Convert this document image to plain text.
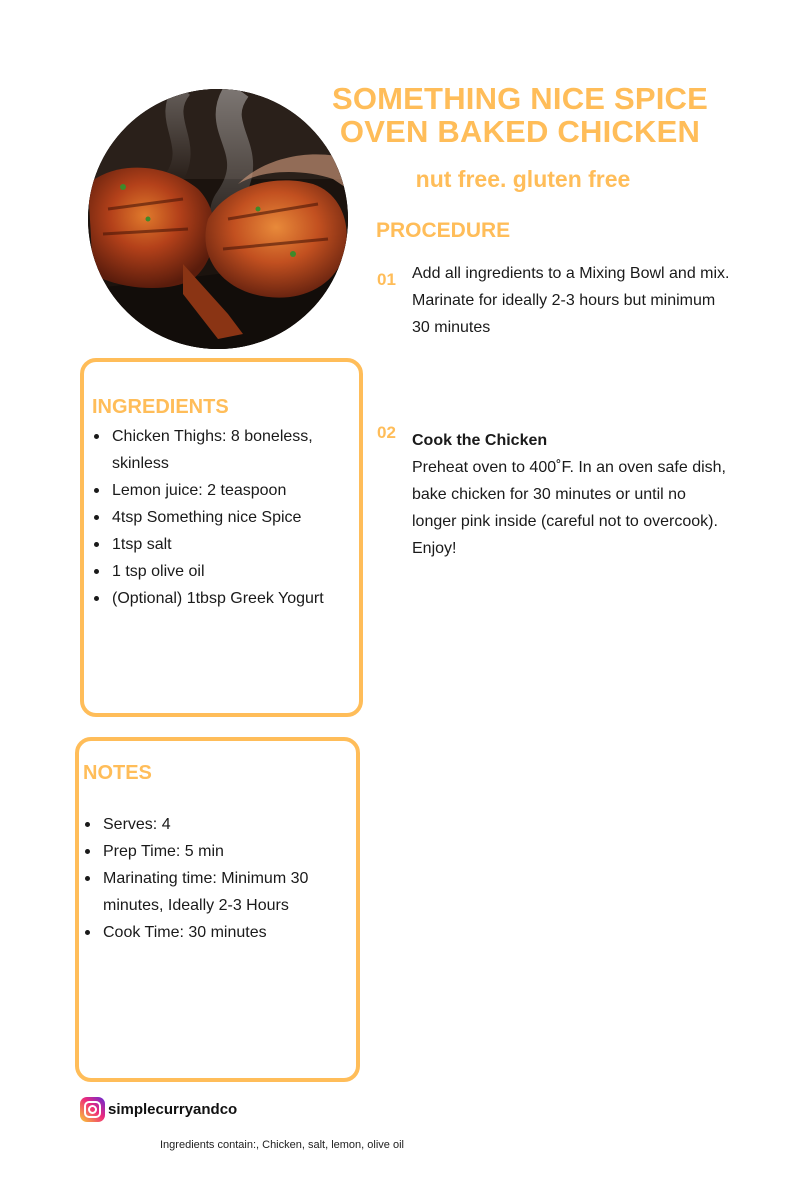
SOMETHING NICE SPICE
OVEN BAKED CHICKEN
nut free. gluten free
PROCEDURE
01 Add all ingredients to a Mixing Bowl and mix. Marinate for ideally 2-3 hours but minimum 30 minutes
02 Cook the Chicken
Preheat oven to 400˚F. In an oven safe dish, bake chicken for 30 minutes or until no longer pink inside (careful not to overcook). Enjoy!
INGREDIENTS
Chicken Thighs: 8 boneless, skinless
Lemon juice: 2 teaspoon
4tsp Something nice Spice
1tsp salt
1 tsp olive oil
(Optional) 1tbsp Greek Yogurt
NOTES
Serves: 4
Prep Time: 5 min
Marinating time: Minimum 30 minutes, Ideally 2-3 Hours
Cook Time: 30 minutes
simplecurryandco
Ingredients contain:, Chicken, salt, lemon, olive oil
